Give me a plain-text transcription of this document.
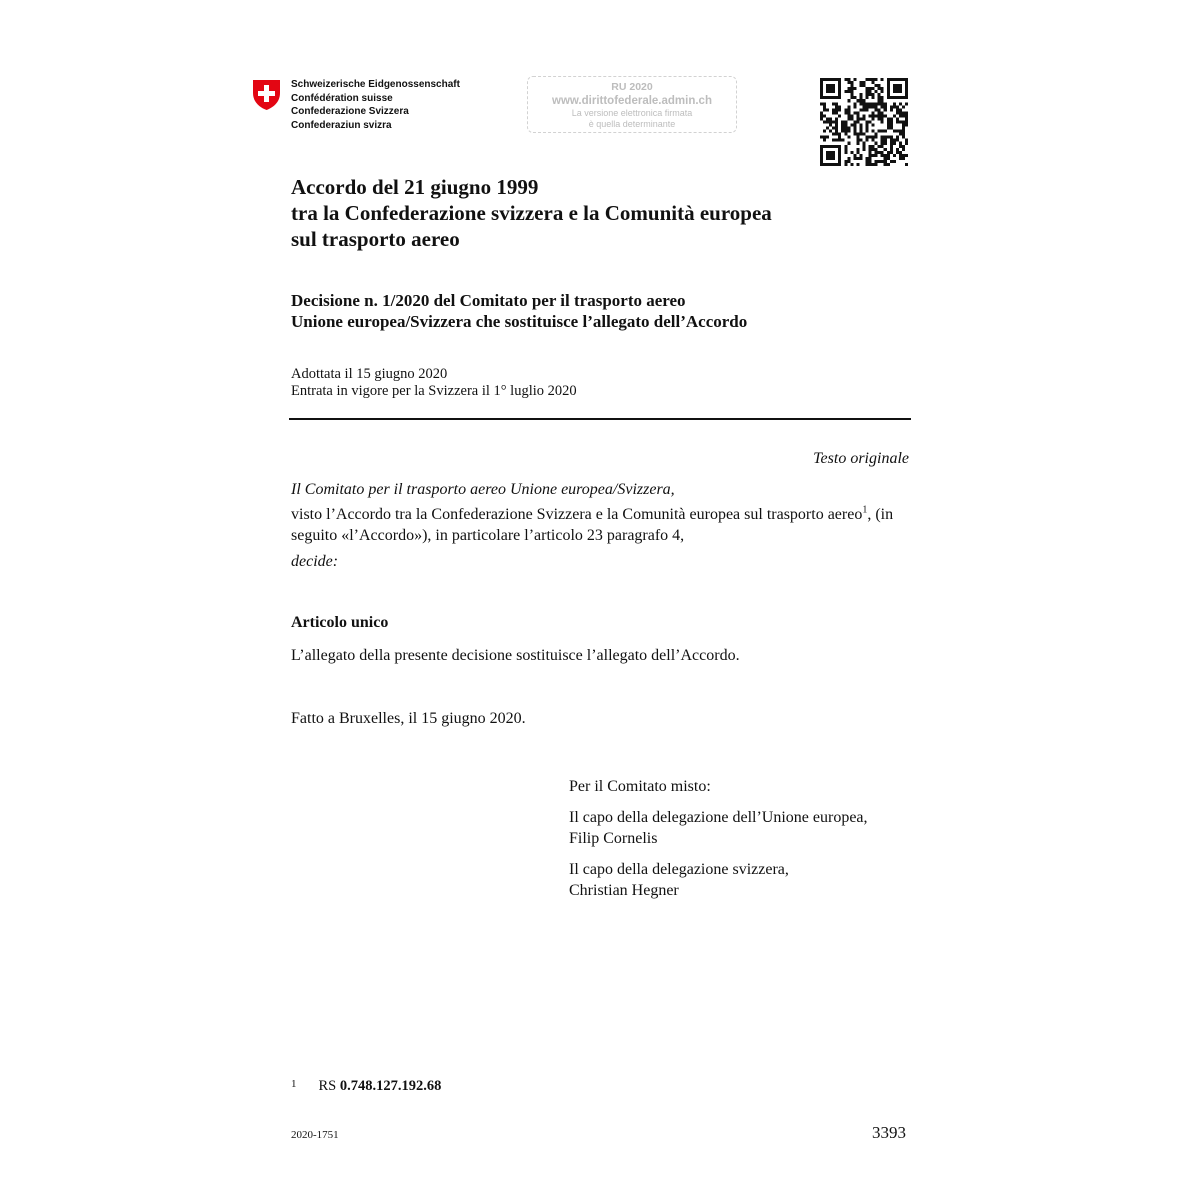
Schweizerische Eidgenossenschaft
Confédération suisse
Confederazione Svizzera
Confederaziun svizra
RU 2020
www.dirittofederale.admin.ch
La versione elettronica firmata
è quella determinante
Accordo del 21 giugno 1999
tra la Confederazione svizzera e la Comunità europea
sul trasporto aereo
Decisione n. 1/2020 del Comitato per il trasporto aereo
Unione europea/Svizzera che sostituisce l’allegato dell’Accordo
Adottata il 15 giugno 2020
Entrata in vigore per la Svizzera il 1° luglio 2020
Testo originale
Il Comitato per il trasporto aereo Unione europea/Svizzera,
visto l’Accordo tra la Confederazione Svizzera e la Comunità europea sul trasporto aereo$^1$, (in seguito «l’Accordo»), in particolare l’articolo 23 paragrafo 4,
decide:
Articolo unico
L’allegato della presente decisione sostituisce l’allegato dell’Accordo.
Fatto a Bruxelles, il 15 giugno 2020.

Per il Comitato misto:

Il capo della delegazione dell’Unione europea,
Filip Cornelis

Il capo della delegazione svizzera,
Christian Hegner

$^1$ RS 0.748.127.192.68
2020-1751	3393
